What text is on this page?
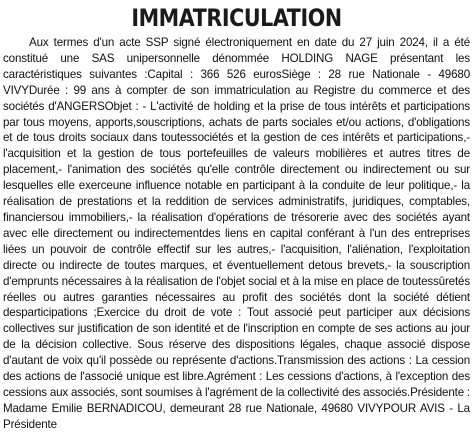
IMMATRICULATION

Aux termes d'un acte SSP signé électroniquement en date du 27 juin 2024, il a été constitué une SAS unipersonnelle dénommée HOLDING NAGE présentant les caractéristiques suivantes :Capital : 366 526 eurosSiège : 28 rue Nationale - 49680 VIVYDurée : 99 ans à compter de son immatriculation au Registre du commerce et des sociétés d'ANGERSObjet : - L'activité de holding et la prise de tous intérêts et participations par tous moyens, apports,souscriptions, achats de parts sociales et/ou actions, d'obligations et de tous droits sociaux dans toutessociétés et la gestion de ces intérêts et participations,- l'acquisition et la gestion de tous portefeuilles de valeurs mobilières et autres titres de placement,- l'animation des sociétés qu'elle contrôle directement ou indirectement ou sur lesquelles elle exerceune influence notable en participant à la conduite de leur politique,- la réalisation de prestations et la reddition de services administratifs, juridiques, comptables, financiersou immobiliers,- la réalisation d'opérations de trésorerie avec des sociétés ayant avec elle directement ou indirectementdes liens en capital conférant à l'un des entreprises liées un pouvoir de contrôle effectif sur les autres,- l'acquisition, l'aliénation, l'exploitation directe ou indirecte de toutes marques, et éventuellement detous brevets,- la souscription d'emprunts nécessaires à la réalisation de l'objet social et à la mise en place de toutessûretés réelles ou autres garanties nécessaires au profit des sociétés dont la société détient desparticipations ;Exercice du droit de vote : Tout associé peut participer aux décisions collectives sur justification de son identité et de l'inscription en compte de ses actions au jour de la décision collective. Sous réserve des dispositions légales, chaque associé dispose d'autant de voix qu'il possède ou représente d'actions.Transmission des actions : La cession des actions de l'associé unique est libre.Agrément : Les cessions d'actions, à l'exception des cessions aux associés, sont soumises à l'agrément de la collectivité des associés.Présidente : Madame Emilie BERNADICOU, demeurant 28 rue Nationale, 49680 VIVYPOUR AVIS - La Présidente
